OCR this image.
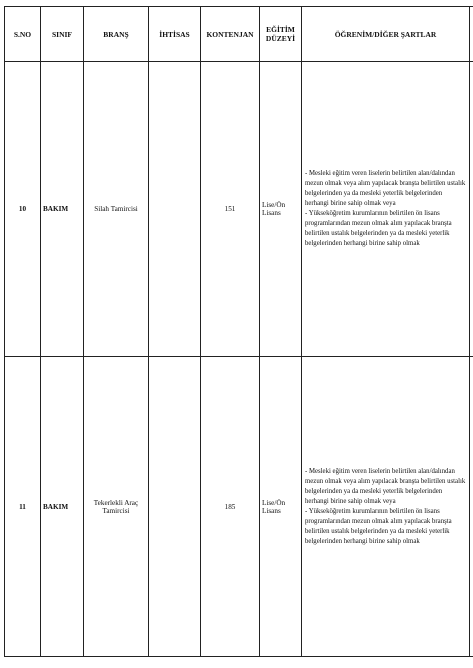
S.NO	SINIF	BRANŞ	İHTİSAS	KONTENJAN	EĞİTİM DÜZEYİ	ÖĞRENİM/DİĞER ŞARTLAR	
10	BAKIM	Silah Tamircisi		151	Lise/Ön Lisans	- Mesleki eğitim veren liselerin belirtilen alan/dalından mezun olmak veya alım yapılacak branşta belirtilen ustalık belgelerinden ya da mesleki yeterlik belgelerinden herhangi birine sahip olmak veya
- Yükseköğretim kurumlarının belirtilen ön lisans programlarından mezun olmak alım yapılacak branşta belirtilen ustalık belgelerinden ya da mesleki yeterlik belgelerinden herhangi birine sahip olmak	

11	BAKIM	Tekerlekli Araç Tamircisi		185	Lise/Ön Lisans	- Mesleki eğitim veren liselerin belirtilen alan/dalından mezun olmak veya alım yapılacak branşta belirtilen ustalık belgelerinden ya da mesleki yeterlik belgelerinden herhangi birine sahip olmak veya
- Yükseköğretim kurumlarının belirtilen ön lisans programlarından mezun olmak alım yapılacak branşta belirtilen ustalık belgelerinden ya da mesleki yeterlik belgelerinden herhangi birine sahip olmak	
